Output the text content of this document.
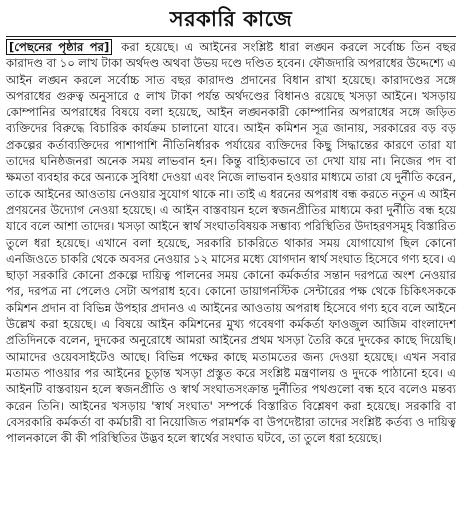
সরকারি কাজে

[পেছনের পৃষ্ঠার পর] করা হয়েছে। এ আইনের সংশ্লিষ্ট ধারা লঙ্ঘন করলে সর্বোচ্চ তিন বছর কারাদণ্ড বা ১০ লাখ টাকা অর্থদণ্ড অথবা উভয় দণ্ডে দণ্ডিত হবেন। ফৌজদারি অপরাধের উদ্দেশ্যে এ আইন লঙ্ঘন করলে সর্বোচ্চ সাত বছর কারাদণ্ড প্রদানের বিধান রাখা হয়েছে। কারাদণ্ডের সঙ্গে অপরাধের গুরুত্ব অনুসারে ৫ লাখ টাকা পর্যন্ত অর্থদণ্ডের বিধানও রয়েছে খসড়া আইনে। খসড়ায় কোম্পানির অপরাধের বিষয়ে বলা হয়েছে, আইন লঙ্ঘনকারী কোম্পানির অপরাধের সঙ্গে জড়িত ব্যক্তিদের বিরুদ্ধে বিচারিক কার্যক্রম চালানো যাবে। আইন কমিশন সূত্র জানায়, সরকারের বড় বড় প্রকল্পের কর্তাব্যক্তিদের পাশাপাশি নীতিনির্ধারক পর্যায়ের ব্যক্তিদের কিছু সিদ্ধান্তের কারণে তারা যা তাদের ঘনিষ্ঠজনরা অনেক সময় লাভবান হন। কিন্তু বাহ্যিকভাবে তা দেখা যায় না। নিজের পদ বা ক্ষমতা ব্যবহার করে অন্যকে সুবিধা দেওয়া এবং নিজে লাভবান হওয়ার মাধ্যমে তারা যে দুর্নীতি করেন, তাকে আইনের আওতায় নেওয়ার সুযোগ থাকে না। তাই এ ধরনের অপরাধ বন্ধ করতে নতুন এ আইন প্রণয়নের উদ্যোগ নেওয়া হয়েছে। এ আইন বাস্তবায়ন হলে স্বজনপ্রীতির মাধ্যমে করা দুর্নীতি বন্ধ হয়ে যাবে বলে আশা তাদের। খসড়া আইনে স্বার্থ সংঘাতবিষয়ক সম্ভাব্য পরিস্থিতির উদাহরণসমূহ বিস্তারিত তুলে ধরা হয়েছে। এখানে বলা হয়েছে, সরকারি চাকরিতে থাকার সময় যোগাযোগ ছিল কোনো এনজিওতে চাকরি থেকে অবসর নেওয়ার ১২ মাসের মধ্যে যোগদান স্বার্থ সংঘাত হিসেবে গণ্য হবে। এ ছাড়া সরকারি কোনো প্রকল্পে দায়িত্ব পালনের সময় কোনো কর্মকর্তার সন্তান দরপত্রে অংশ নেওয়ার পর, দরপত্র না পেলেও সেটা অপরাধ হবে। কোনো ডায়াগনস্টিক সেন্টারের পক্ষ থেকে চিকিৎসককে কমিশন প্রদান বা বিভিন্ন উপহার প্রদানও এ আইনের আওতায় অপরাধ হিসেবে গণ্য হবে বলে আইনে উল্লেখ করা হয়েছে। এ বিষয়ে আইন কমিশনের মুখ্য গবেষণা কর্মকর্তা ফাওজুল আজিম বাংলাদেশ প্রতিদিনকে বলেন, দুদকের অনুরোধে আমরা আইনের প্রথম খসড়া তৈরি করে দুদকের কাছে দিয়েছি। আমাদের ওয়েবসাইটেও আছে। বিভিন্ন পক্ষের কাছে মতামতের জন্য দেওয়া হয়েছে। এখন সবার মতামত পাওয়ার পর আইনের চূড়ান্ত খসড়া প্রস্তুত করে সংশ্লিষ্ট মন্ত্রণালয় ও দুদকে পাঠানো হবে। এ আইনটি বাস্তবায়ন হলে স্বজনপ্রীতি ও স্বার্থ সংঘাতসংক্রান্ত দুর্নীতির পথগুলো বন্ধ হবে বলেও মন্তব্য করেন তিনি। আইনের খসড়ায় 'স্বার্থ সংঘাত' সম্পর্কে বিস্তারিত বিশ্লেষণ করা হয়েছে। সরকারি বা বেসরকারি কর্মকর্তা বা কর্মচারী বা নিয়োজিত পরামর্শক বা উপদেষ্টারা তাদের সংশ্লিষ্ট কর্তব্য ও দায়িত্ব পালনকালে কী কী পরিস্থিতির উদ্ভব হলে স্বার্থের সংঘাত ঘটবে, তা তুলে ধরা হয়েছে।
